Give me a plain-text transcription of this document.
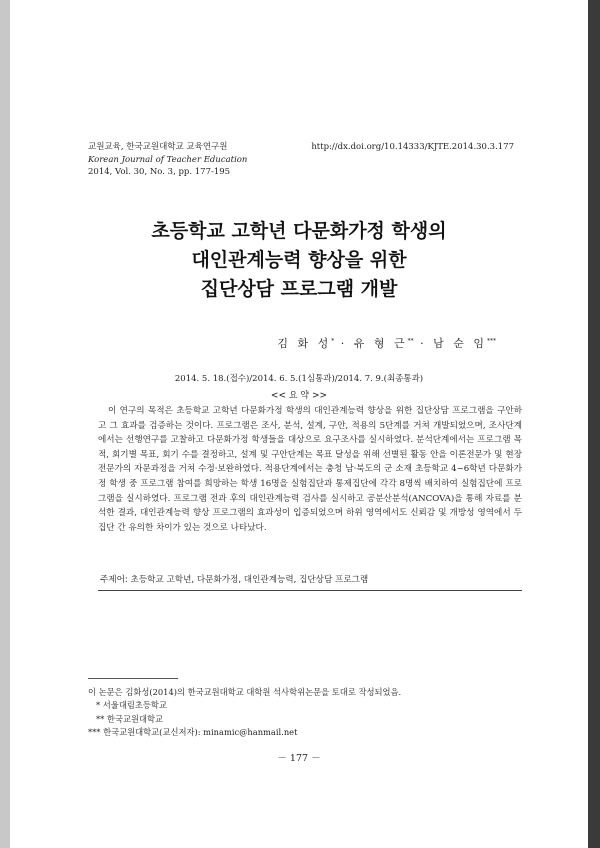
교원교육, 한국교원대학교 교육연구원
Korean Journal of Teacher Education
2014, Vol. 30, No. 3, pp. 177-195
http://dx.doi.org/10.14333/KJTE.2014.30.3.177
초등학교 고학년 다문화가정 학생의
대인관계능력 향상을 위한
집단상담 프로그램 개발
김 화 성* · 유 형 근** · 남 순 임***
2014. 5. 18.(접수)/2014. 6. 5.(1심통과)/2014. 7. 9.(최종통과)
<< 요 약 >>
이 연구의 목적은 초등학교 고학년 다문화가정 학생의 대인관계능력 향상을 위한 집단상담 프로그램을 구안하고 그 효과를 검증하는 것이다. 프로그램은 조사, 분석, 설계, 구안, 적용의 5단계를 거쳐 개발되었으며, 조사단계에서는 선행연구를 고찰하고 다문화가정 학생들을 대상으로 요구조사를 실시하였다. 분석단계에서는 프로그램 목적, 회기별 목표, 회기 수를 결정하고, 설계 및 구안단계는 목표 달성을 위해 선별된 활동 안을 이론전문가 및 현장전문가의 자문과정을 거쳐 수정·보완하였다. 적용단계에서는 충청 남·북도의 군 소재 초등학교 4~6학년 다문화가정 학생 중 프로그램 참여를 희망하는 학생 16명을 실험집단과 통제집단에 각각 8명씩 배치하여 실험집단에 프로그램을 실시하였다. 프로그램 전과 후의 대인관계능력 검사를 실시하고 공분산분석(ANCOVA)을 통해 자료를 분석한 결과, 대인관계능력 향상 프로그램의 효과성이 입증되었으며 하위 영역에서도 신뢰감 및 개방성 영역에서 두 집단 간 유의한 차이가 있는 것으로 나타났다.
주제어: 초등학교 고학년, 다문화가정, 대인관계능력, 집단상담 프로그램
이 논문은 김화성(2014)의 한국교원대학교 대학원 석사학위논문을 토대로 작성되었음.
* 서울대림초등학교
** 한국교원대학교
*** 한국교원대학교(교신저자): minamic@hanmail.net
－ 177 －
